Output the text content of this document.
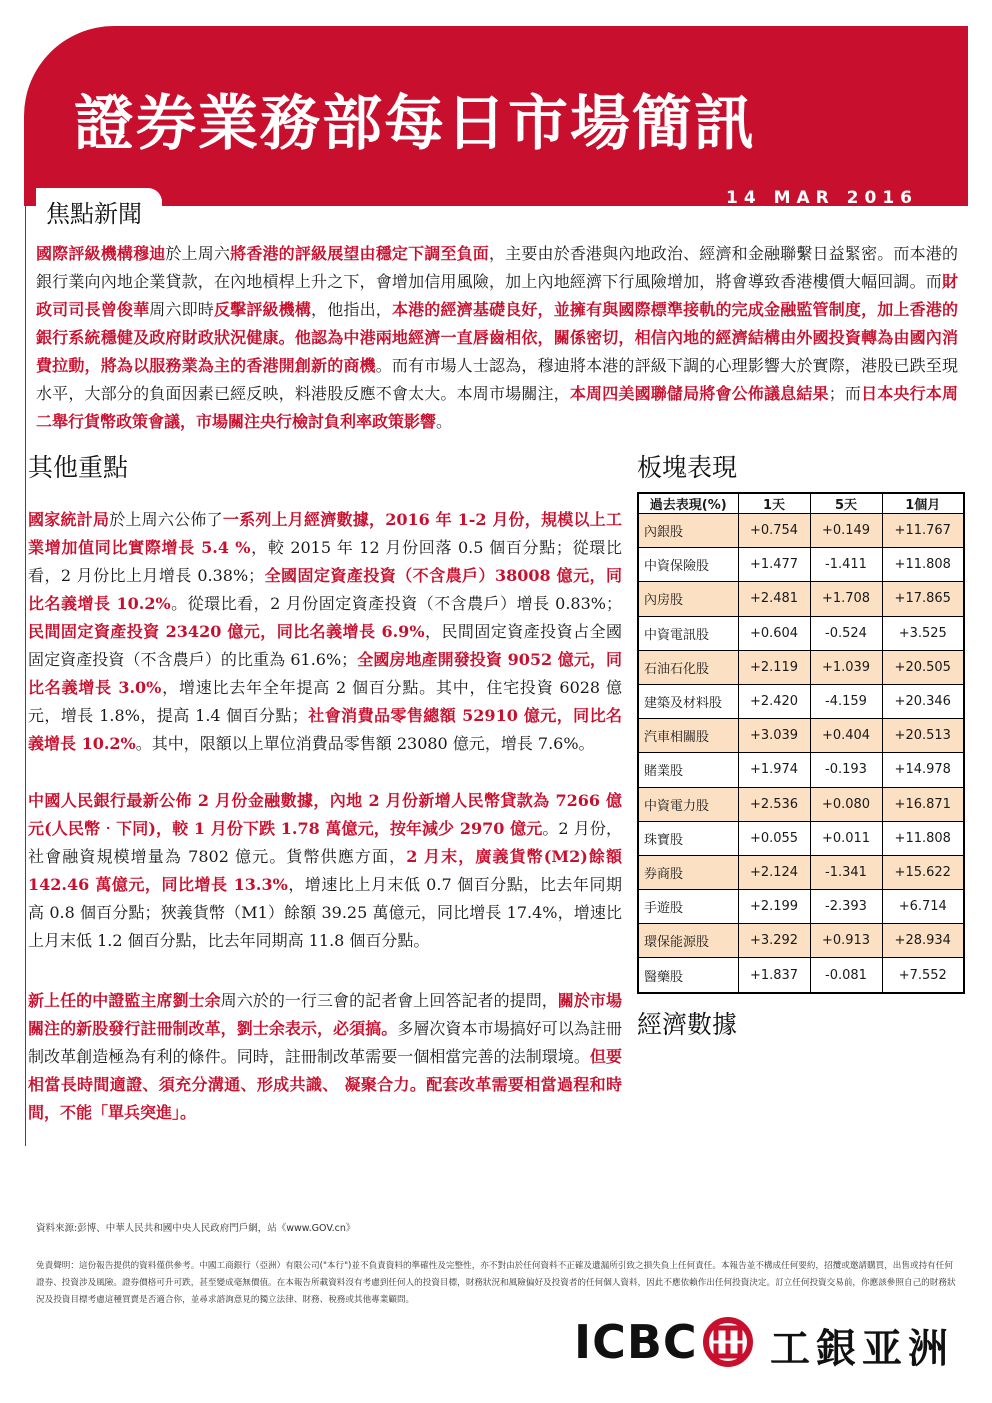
證券業務部每日市場簡訊
14 MAR 2016
焦點新聞

國際評級機構穆迪於上周六將香港的評級展望由穩定下調至負面，主要由於香港與內地政治、經濟和金融聯繫日益緊密。而本港的銀行業向內地企業貸款，在內地槓桿上升之下，會增加信用風險，加上內地經濟下行風險增加，將會導致香港樓價大幅回調。而財政司司長曾俊華周六即時反擊評級機構，他指出，本港的經濟基礎良好，並擁有與國際標準接軌的完成金融監管制度，加上香港的銀行系統穩健及政府財政狀況健康。他認為中港兩地經濟一直唇齒相依，關係密切，相信內地的經濟結構由外國投資轉為由國內消費拉動，將為以服務業為主的香港開創新的商機。而有市場人士認為，穆迪將本港的評級下調的心理影響大於實際，港股已跌至現水平，大部分的負面因素已經反映，料港股反應不會太大。本周市場關注，本周四美國聯儲局將會公佈議息結果；而日本央行本周二舉行貨幣政策會議，市場關注央行檢討負利率政策影響。

其他重點	板塊表現

國家統計局於上周六公佈了一系列上月經濟數據，2016 年 1-2 月份，規模以上工業增加值同比實際增長 5.4 %，較 2015 年 12 月份回落 0.5 個百分點；從環比看，2 月份比上月增長 0.38%；全國固定資產投資（不含農戶）38008 億元，同比名義增長 10.2%。從環比看，2 月份固定資產投資（不含農戶）增長 0.83%；民間固定資產投資 23420 億元，同比名義增長 6.9%，民間固定資產投資占全國固定資產投資（不含農戶）的比重為 61.6%；全國房地產開發投資 9052 億元，同比名義增長 3.0%，增速比去年全年提高 2 個百分點。其中，住宅投資 6028 億元，增長 1.8%，提高 1.4 個百分點；社會消費品零售總額 52910 億元，同比名義增長 10.2%。其中，限額以上單位消費品零售額 23080 億元，增長 7.6%。

中國人民銀行最新公佈 2 月份金融數據，內地 2 月份新增人民幣貸款為 7266 億元(人民幣‧下同)，較 1 月份下跌 1.78 萬億元，按年減少 2970 億元。2 月份，社會融資規模增量為 7802 億元。貨幣供應方面，2 月末，廣義貨幣(M2)餘額 142.46 萬億元，同比增長 13.3%，增速比上月末低 0.7 個百分點，比去年同期高 0.8 個百分點；狹義貨幣（M1）餘額 39.25 萬億元，同比增長 17.4%，增速比上月末低 1.2 個百分點，比去年同期高 11.8 個百分點。

新上任的中證監主席劉士余周六於的一行三會的記者會上回答記者的提問，關於市場關注的新股發行註冊制改革，劉士余表示，必須搞。多層次資本市場搞好可以為註冊制改革創造極為有利的條件。同時，註冊制改革需要一個相當完善的法制環境。但要相當長時間適證、須充分溝通、形成共識、 凝聚合力。配套改革需要相當過程和時間，不能「單兵突進」。

過去表現(%)	1天	5天	1個月
內銀股	+0.754	+0.149	+11.767
中資保險股	+1.477	-1.411	+11.808
內房股	+2.481	+1.708	+17.865
中資電訊股	+0.604	-0.524	+3.525
石油石化股	+2.119	+1.039	+20.505
建築及材料股	+2.420	-4.159	+20.346
汽車相關股	+3.039	+0.404	+20.513
賭業股	+1.974	-0.193	+14.978
中資電力股	+2.536	+0.080	+16.871
珠寶股	+0.055	+0.011	+11.808
券商股	+2.124	-1.341	+15.622
手遊股	+2.199	-2.393	+6.714
環保能源股	+3.292	+0.913	+28.934
醫藥股	+1.837	-0.081	+7.552
經濟數據

資料來源:彭博、中華人民共和國中央人民政府門戶網，站《www.GOV.cn》

免責聲明：這份報告提供的資料僅供參考。中國工商銀行（亞洲）有限公司("本行")並不負責資料的準確性及完整性，亦不對由於任何資料不正確及遺漏所引致之損失負上任何責任。本報告並不構成任何要約，招攬或邀請購買，出售或持有任何證券、投資涉及風險。證券價格可升可跌，甚至變成毫無價值。在本報告所載資料沒有考慮到任何人的投資目標，財務狀況和風險偏好及投資者的任何個人資料，因此不應依賴作出任何投資決定。訂立任何投資交易前，你應該參照自己的財務狀況及投資目標考慮這種買賣是否適合你，並尋求諮詢意見的獨立法律、財務、稅務或其他專業顧問。

ICBC 工銀亚洲
